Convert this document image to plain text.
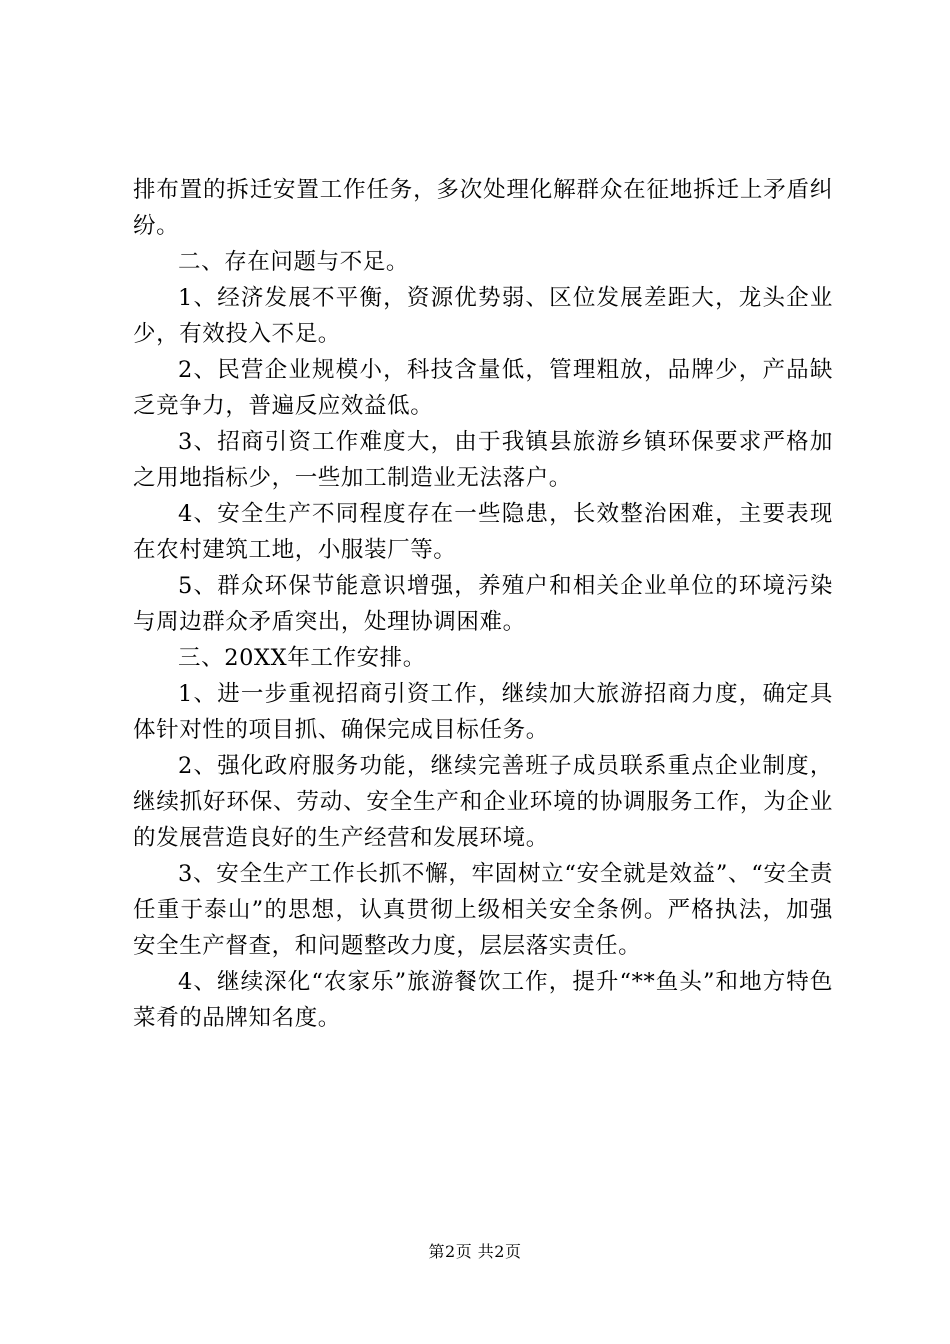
排布置的拆迁安置工作任务，多次处理化解群众在征地拆迁上矛盾纠纷。

二、存在问题与不足。

1、经济发展不平衡，资源优势弱、区位发展差距大，龙头企业少，有效投入不足。

2、民营企业规模小，科技含量低，管理粗放，品牌少，产品缺乏竞争力，普遍反应效益低。

3、招商引资工作难度大，由于我镇县旅游乡镇环保要求严格加之用地指标少，一些加工制造业无法落户。

4、安全生产不同程度存在一些隐患，长效整治困难，主要表现在农村建筑工地，小服装厂等。

5、群众环保节能意识增强，养殖户和相关企业单位的环境污染与周边群众矛盾突出，处理协调困难。

三、20XX年工作安排。

1、进一步重视招商引资工作，继续加大旅游招商力度，确定具体针对性的项目抓、确保完成目标任务。

2、强化政府服务功能，继续完善班子成员联系重点企业制度，继续抓好环保、劳动、安全生产和企业环境的协调服务工作，为企业的发展营造良好的生产经营和发展环境。

3、安全生产工作长抓不懈，牢固树立“安全就是效益”、“安全责任重于泰山”的思想，认真贯彻上级相关安全条例。严格执法，加强安全生产督查，和问题整改力度，层层落实责任。

4、继续深化“农家乐”旅游餐饮工作，提升“**鱼头”和地方特色菜肴的品牌知名度。

第2页 共2页
